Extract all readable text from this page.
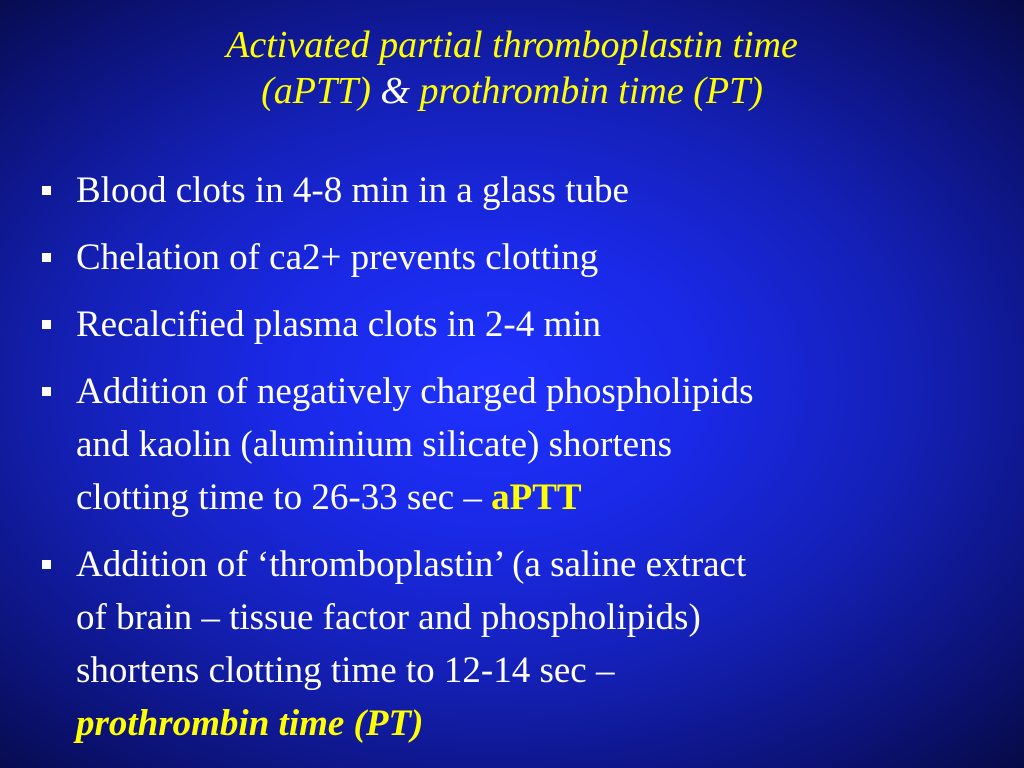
Activated partial thromboplastin time
(aPTT) & prothrombin time (PT)
Blood clots in 4-8 min in a glass tube
Chelation of ca2+ prevents clotting
Recalcified plasma clots in 2-4 min
Addition of negatively charged phospholipids
and kaolin (aluminium silicate) shortens
clotting time to 26-33 sec – aPTT
Addition of ‘thromboplastin’ (a saline extract
of brain – tissue factor and phospholipids)
shortens clotting time to 12-14 sec –
prothrombin time (PT)
